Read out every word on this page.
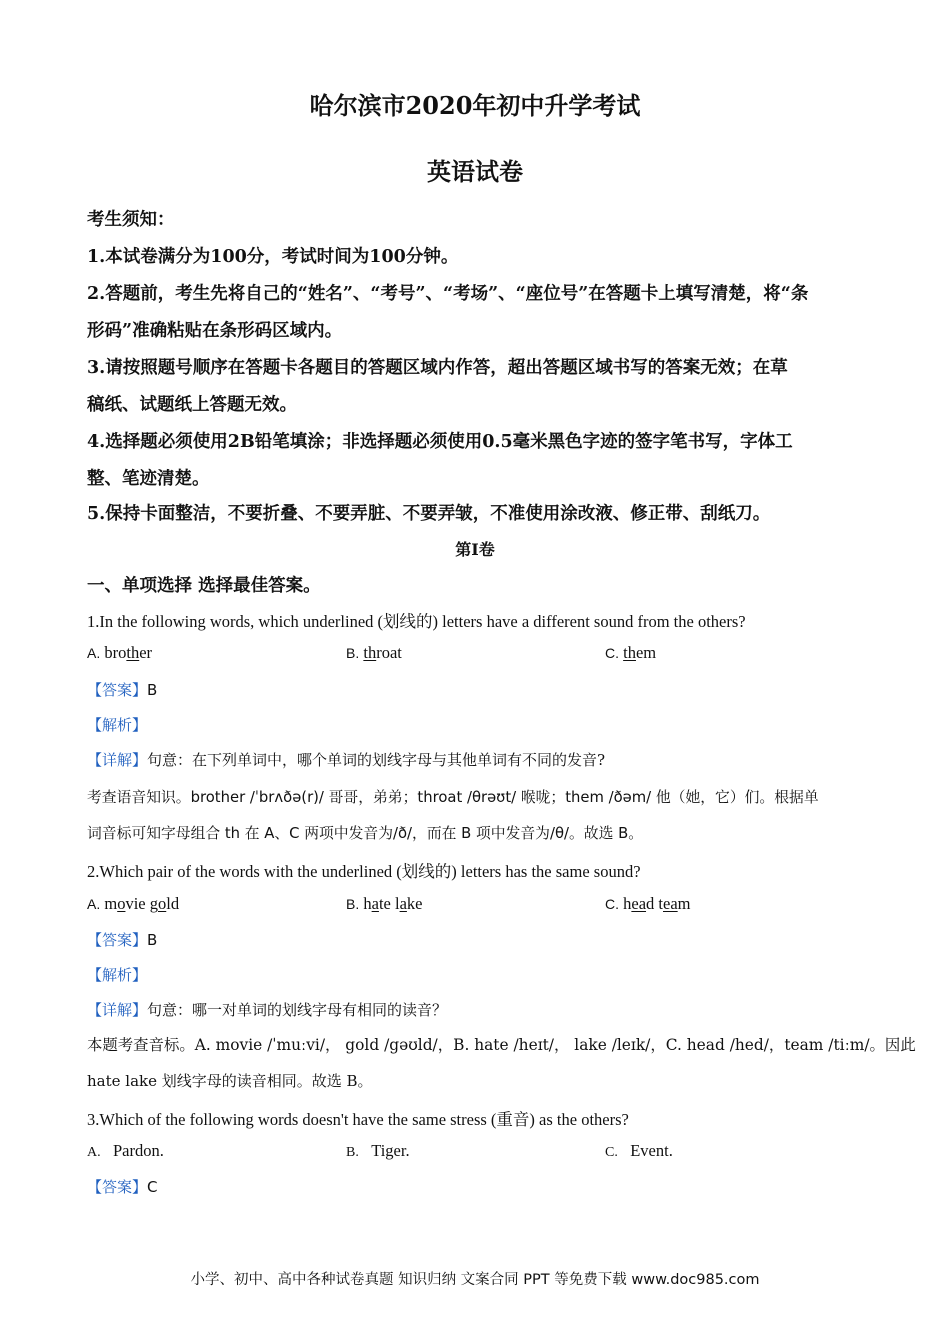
哈尔滨市2020年初中升学考试
英语试卷
考生须知：
1.本试卷满分为100分，考试时间为100分钟。
2.答题前，考生先将自己的“姓名”、“考号”、“考场”、“座位号”在答题卡上填写清楚，将“条
形码”准确粘贴在条形码区域内。
3.请按照题号顺序在答题卡各题目的答题区域内作答，超出答题区域书写的答案无效；在草
稿纸、试题纸上答题无效。
4.选择题必须使用2B铅笔填涂；非选择题必须使用0.5毫米黑色字迹的签字笔书写，字体工
整、笔迹清楚。
5.保持卡面整洁，不要折叠、不要弄脏、不要弄皱，不准使用涂改液、修正带、刮纸刀。
第Ⅰ卷
一、单项选择 选择最佳答案。
1.In the following words, which underlined (划线的) letters have a different sound from the others?
A. brother	B. throat	C. them
【答案】B
【解析】
【详解】句意：在下列单词中，哪个单词的划线字母与其他单词有不同的发音?
考查语音知识。brother /ˈbrʌðə(r)/ 哥哥，弟弟；throat /θrəʊt/ 喉咙；them /ðəm/ 他（她，它）们。根据单
词音标可知字母组合 th 在 A、C 两项中发音为/ð/，而在 B 项中发音为/θ/。故选 B。
2.Which pair of the words with the underlined (划线的) letters has the same sound?
A. movie gold	B. hate lake	C. head team
【答案】B
【解析】
【详解】句意：哪一对单词的划线字母有相同的读音？
本题考查音标。A. movie /ˈmuːvi/， gold /gəʊld/，B. hate /heɪt/， lake /leɪk/，C. head /hed/，team /tiːm/。因此
hate lake 划线字母的读音相同。故选 B。
3.Which of the following words doesn't have the same stress (重音) as the others?
A. Pardon.	B. Tiger.	C. Event.
【答案】C
小学、初中、高中各种试卷真题 知识归纳 文案合同 PPT 等免费下载 www.doc985.com
